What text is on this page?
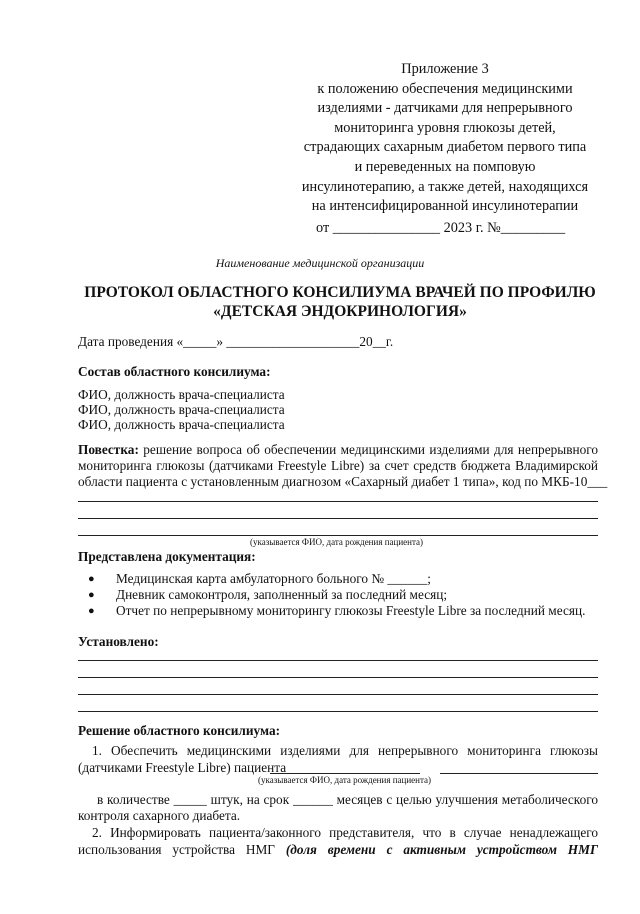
Приложение 3
к положению обеспечения медицинскими
изделиями - датчиками для непрерывного
мониторинга уровня глюкозы детей,
страдающих сахарным диабетом первого типа
и переведенных на помповую
инсулинотерапию, а также детей, находящихся
на интенсифицированной инсулинотерапии
от _______________ 2023 г. №_________
Наименование медицинской организации
ПРОТОКОЛ ОБЛАСТНОГО КОНСИЛИУМА ВРАЧЕЙ ПО ПРОФИЛЮ
«ДЕТСКАЯ ЭНДОКРИНОЛОГИЯ»
Дата проведения «_____» ____________________20__г.
Состав областного консилиума:
ФИО, должность врача-специалиста
ФИО, должность врача-специалиста
ФИО, должность врача-специалиста
Повестка: решение вопроса об обеспечении медицинскими изделиями для непрерывного
мониторинга глюкозы (датчиками Freestyle Libre) за счет средств бюджета Владимирской
области пациента с установленным диагнозом «Сахарный диабет 1 типа», код по МКБ-10___
(указывается ФИО, дата рождения пациента)
Представлена документация:
● Медицинская карта амбулаторного больного № ______;
● Дневник самоконтроля, заполненный за последний месяц;
● Отчет по непрерывному мониторингу глюкозы Freestyle Libre за последний месяц.
Установлено:
Решение областного консилиума:
1. Обеспечить медицинскими изделиями для непрерывного мониторинга глюкозы
(датчиками Freestyle Libre) пациента
(указывается ФИО, дата рождения пациента)
в количестве _____ штук, на срок ______ месяцев с целью улучшения метаболического
контроля сахарного диабета.
2. Информировать пациента/законного представителя, что в случае ненадлежащего
использования устройства НМГ (доля времени с активным устройством НМГ
